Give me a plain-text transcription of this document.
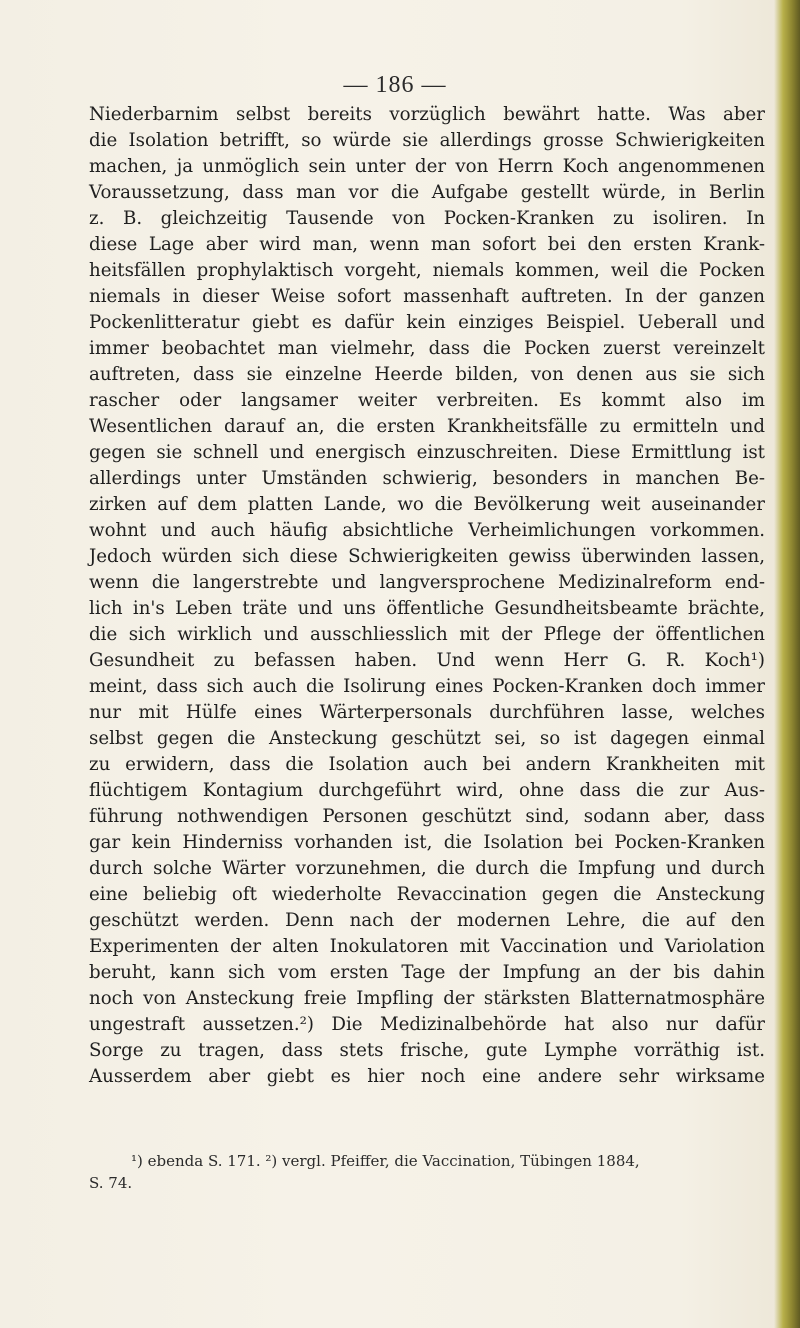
— 186 —

Niederbarnim selbst bereits vorzüglich bewährt hatte. Was aber
die Isolation betrifft, so würde sie allerdings grosse Schwierigkeiten
machen, ja unmöglich sein unter der von Herrn Koch angenommenen
Voraussetzung, dass man vor die Aufgabe gestellt würde, in Berlin
z. B. gleichzeitig Tausende von Pocken-Kranken zu isoliren. In
diese Lage aber wird man, wenn man sofort bei den ersten Krank-
heitsfällen prophylaktisch vorgeht, niemals kommen, weil die Pocken
niemals in dieser Weise sofort massenhaft auftreten. In der ganzen
Pockenlitteratur giebt es dafür kein einziges Beispiel. Ueberall und
immer beobachtet man vielmehr, dass die Pocken zuerst vereinzelt
auftreten, dass sie einzelne Heerde bilden, von denen aus sie sich
rascher oder langsamer weiter verbreiten. Es kommt also im
Wesentlichen darauf an, die ersten Krankheitsfälle zu ermitteln und
gegen sie schnell und energisch einzuschreiten. Diese Ermittlung ist
allerdings unter Umständen schwierig, besonders in manchen Be-
zirken auf dem platten Lande, wo die Bevölkerung weit auseinander
wohnt und auch häufig absichtliche Verheimlichungen vorkommen.
Jedoch würden sich diese Schwierigkeiten gewiss überwinden lassen,
wenn die langerstrebte und langversprochene Medizinalreform end-
lich in's Leben träte und uns öffentliche Gesundheitsbeamte brächte,
die sich wirklich und ausschliesslich mit der Pflege der öffentlichen
Gesundheit zu befassen haben. Und wenn Herr G. R. Koch¹)
meint, dass sich auch die Isolirung eines Pocken-Kranken doch immer
nur mit Hülfe eines Wärterpersonals durchführen lasse, welches
selbst gegen die Ansteckung geschützt sei, so ist dagegen einmal
zu erwidern, dass die Isolation auch bei andern Krankheiten mit
flüchtigem Kontagium durchgeführt wird, ohne dass die zur Aus-
führung nothwendigen Personen geschützt sind, sodann aber, dass
gar kein Hinderniss vorhanden ist, die Isolation bei Pocken-Kranken
durch solche Wärter vorzunehmen, die durch die Impfung und durch
eine beliebig oft wiederholte Revaccination gegen die Ansteckung
geschützt werden. Denn nach der modernen Lehre, die auf den
Experimenten der alten Inokulatoren mit Vaccination und Variolation
beruht, kann sich vom ersten Tage der Impfung an der bis dahin
noch von Ansteckung freie Impfling der stärksten Blatternatmosphäre
ungestraft aussetzen.²) Die Medizinalbehörde hat also nur dafür
Sorge zu tragen, dass stets frische, gute Lymphe vorräthig ist.
Ausserdem aber giebt es hier noch eine andere sehr wirksame

¹) ebenda S. 171. ²) vergl. Pfeiffer, die Vaccination, Tübingen 1884,
S. 74.
